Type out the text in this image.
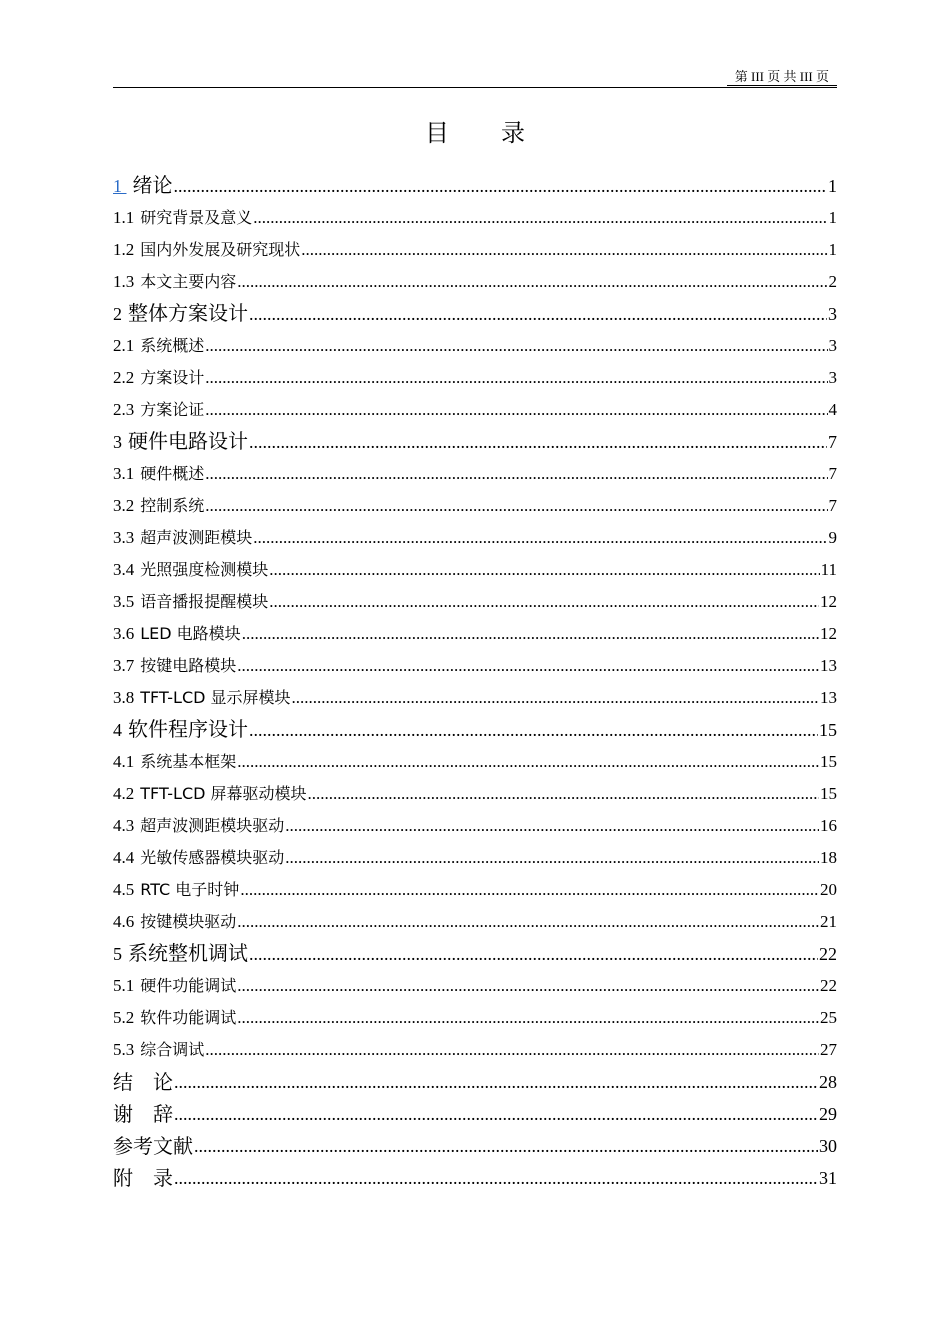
第 III 页 共 III 页
目 录
1 绪论 .....	1
1.1 研究背景及意义 .....	1
1.2 国内外发展及研究现状 .....	1
1.3 本文主要内容 .....	2
2 整体方案设计 .....	3
2.1 系统概述 .....	3
2.2 方案设计 .....	3
2.3 方案论证 .....	4
3 硬件电路设计 .....	7
3.1 硬件概述 .....	7
3.2 控制系统 .....	7
3.3 超声波测距模块 .....	9
3.4 光照强度检测模块 .....	11
3.5 语音播报提醒模块 .....	12
3.6 LED 电路模块 .....	12
3.7 按键电路模块 .....	13
3.8 TFT-LCD 显示屏模块 .....	13
4 软件程序设计 .....	15
4.1 系统基本框架 .....	15
4.2 TFT-LCD 屏幕驱动模块 .....	15
4.3 超声波测距模块驱动 .....	16
4.4 光敏传感器模块驱动 .....	18
4.5 RTC 电子时钟 .....	20
4.6 按键模块驱动 .....	21
5 系统整机调试 .....	22
5.1 硬件功能调试 .....	22
5.2 软件功能调试 .....	25
5.3 综合调试 .....	27
结　论 .....	28
谢　辞 .....	29
参考文献 .....	30
附　录 .....	31
